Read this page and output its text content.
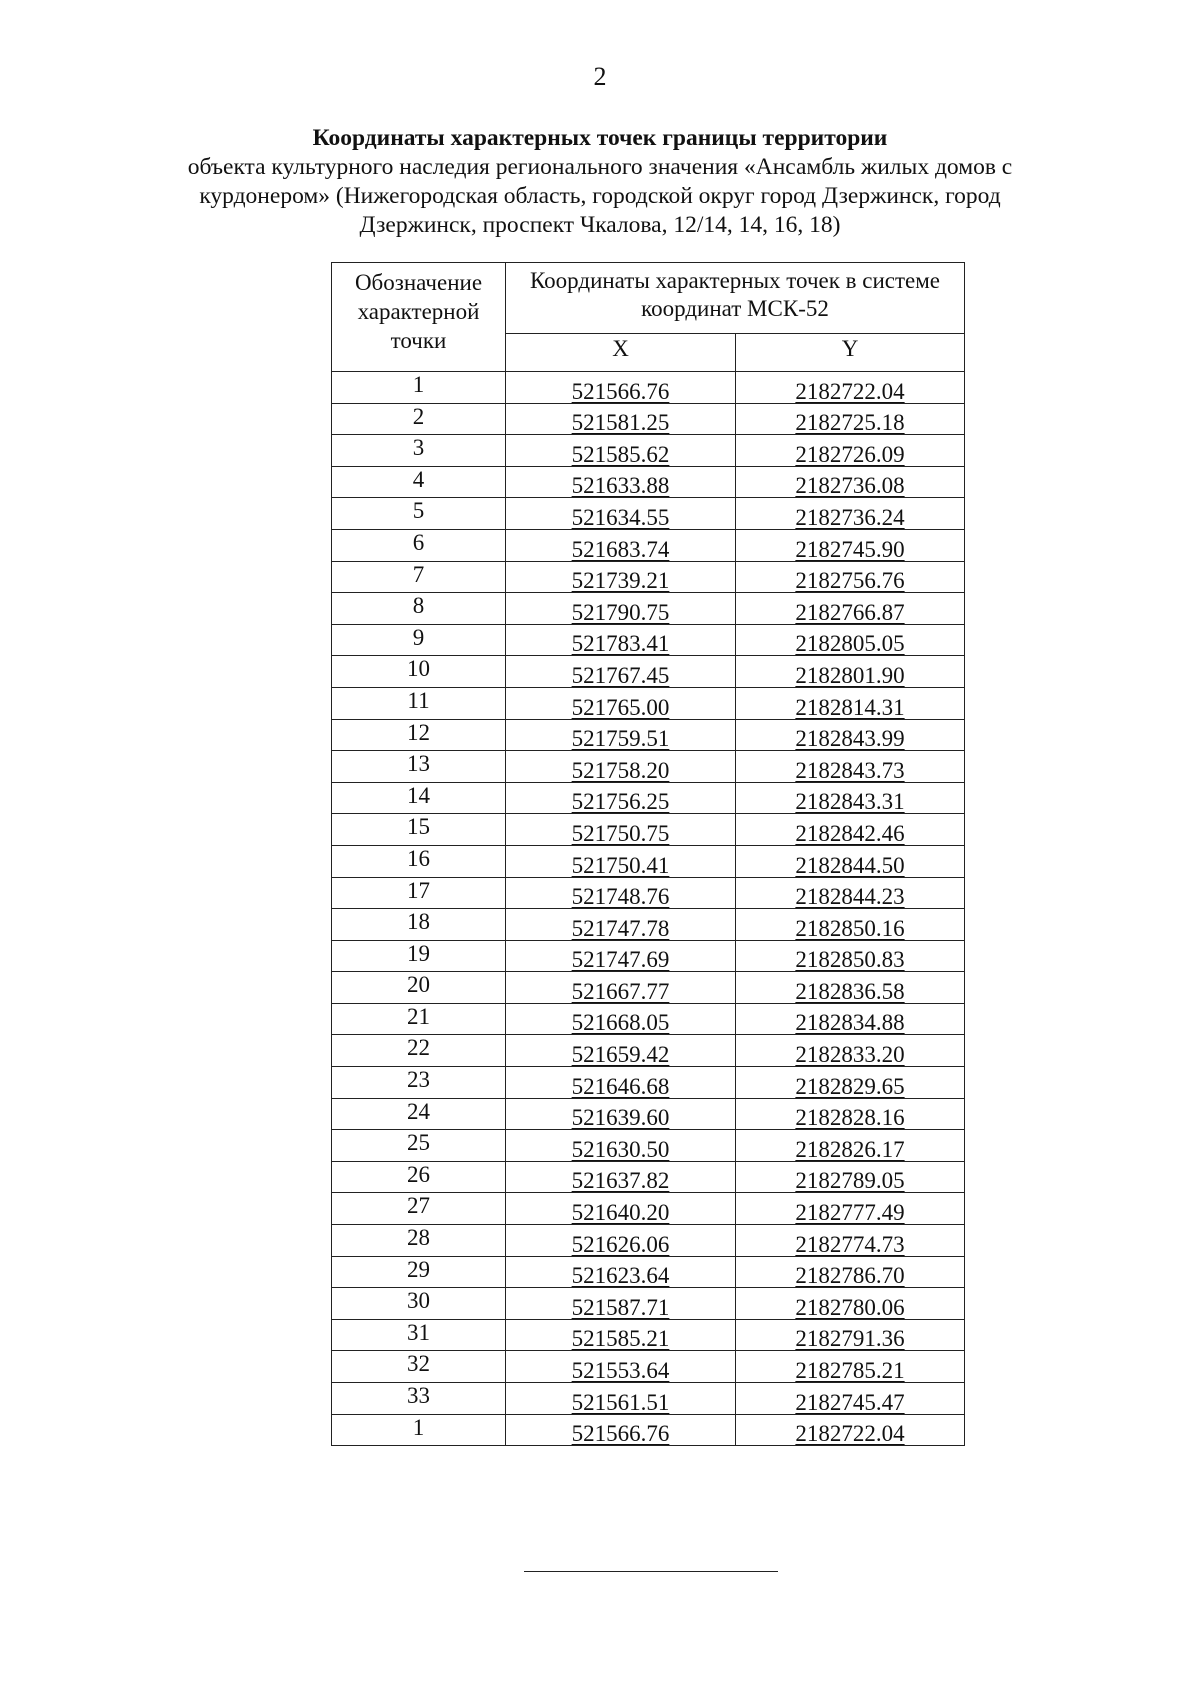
2
Координаты характерных точек границы территории
объекта культурного наследия регионального значения «Ансамбль жилых домов с курдонером» (Нижегородская область, городской округ город Дзержинск, город Дзержинск, проспект Чкалова, 12/14, 14, 16, 18)
Обозначение характерной точки	Координаты характерных точек в системе координат МСК-52	
	X	Y
1	521566.76	2182722.04
2	521581.25	2182725.18
3	521585.62	2182726.09
4	521633.88	2182736.08
5	521634.55	2182736.24
6	521683.74	2182745.90
7	521739.21	2182756.76
8	521790.75	2182766.87
9	521783.41	2182805.05
10	521767.45	2182801.90
11	521765.00	2182814.31
12	521759.51	2182843.99
13	521758.20	2182843.73
14	521756.25	2182843.31
15	521750.75	2182842.46
16	521750.41	2182844.50
17	521748.76	2182844.23
18	521747.78	2182850.16
19	521747.69	2182850.83
20	521667.77	2182836.58
21	521668.05	2182834.88
22	521659.42	2182833.20
23	521646.68	2182829.65
24	521639.60	2182828.16
25	521630.50	2182826.17
26	521637.82	2182789.05
27	521640.20	2182777.49
28	521626.06	2182774.73
29	521623.64	2182786.70
30	521587.71	2182780.06
31	521585.21	2182791.36
32	521553.64	2182785.21
33	521561.51	2182745.47
1	521566.76	2182722.04
